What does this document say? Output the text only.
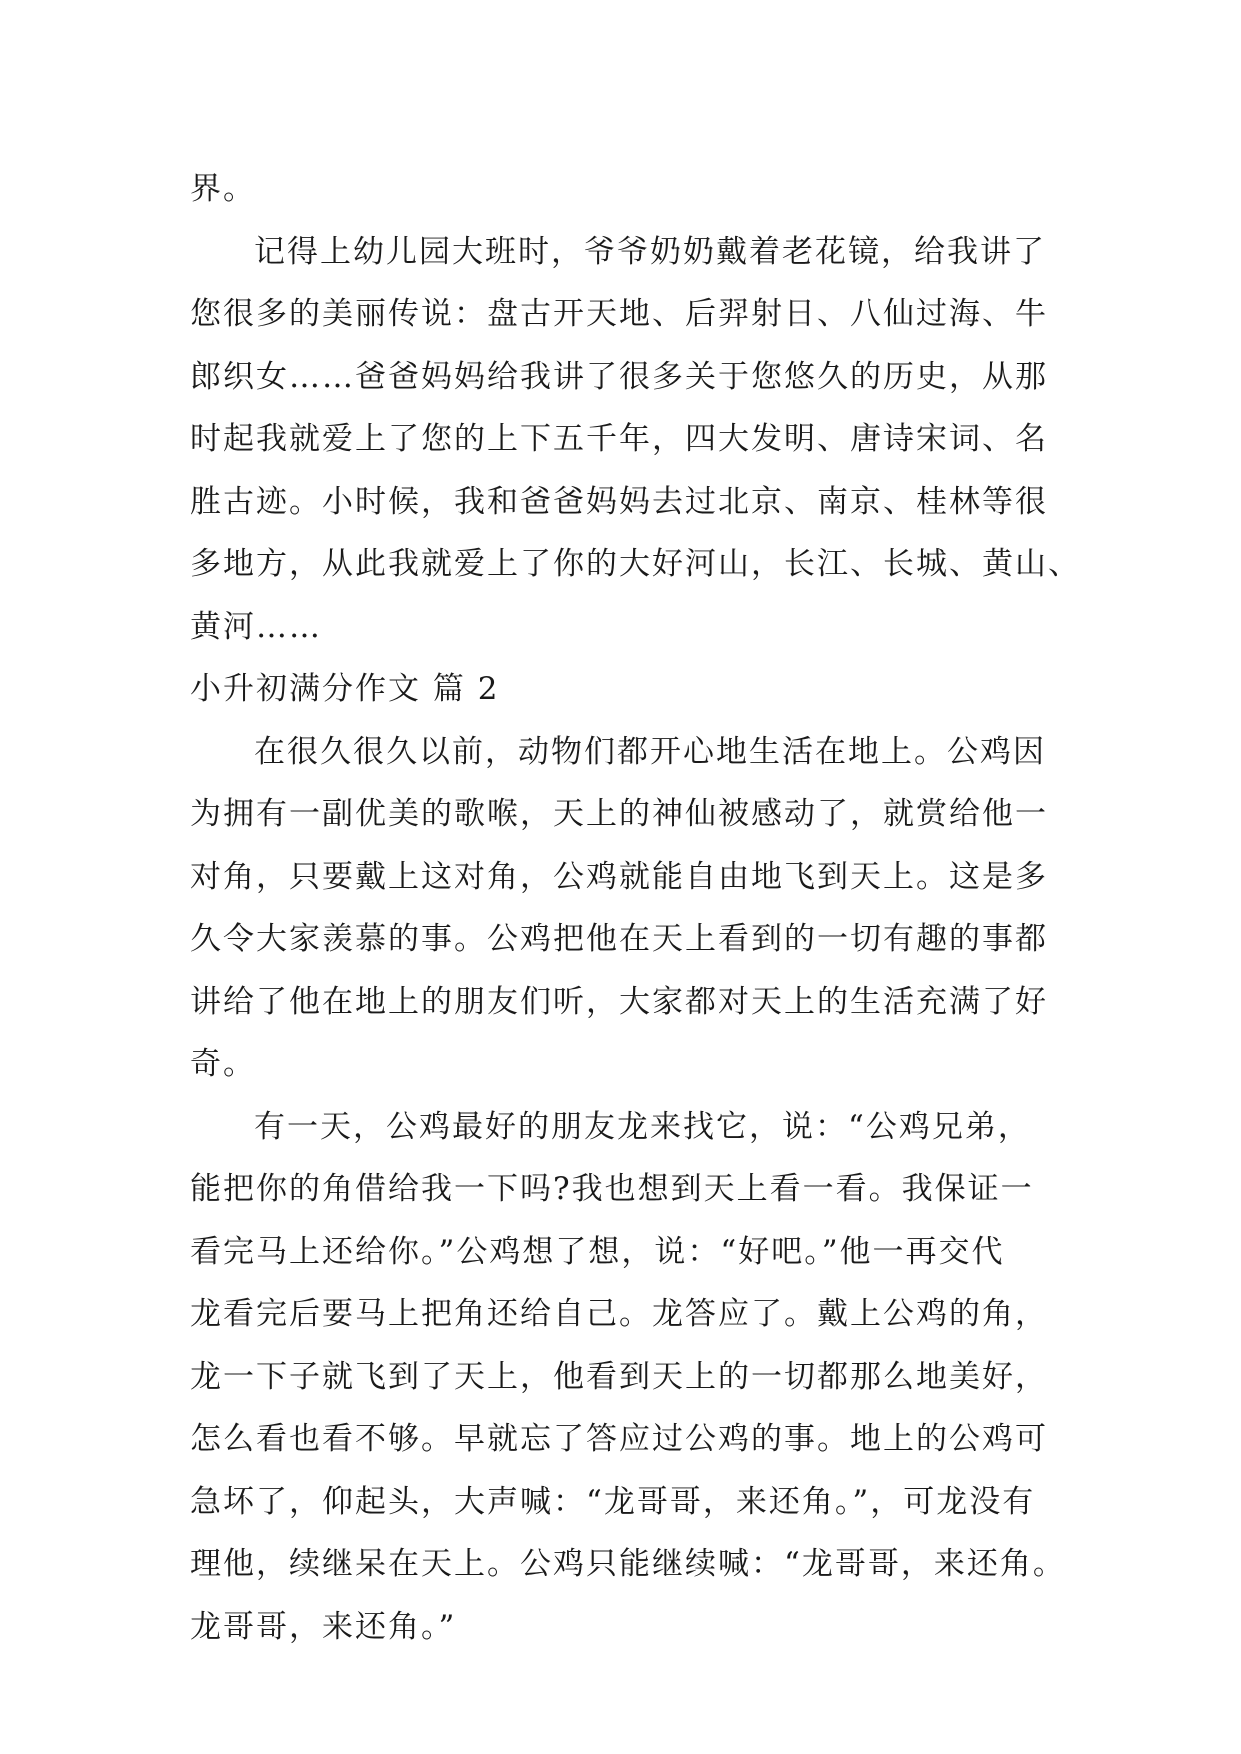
界。
记得上幼儿园大班时，爷爷奶奶戴着老花镜，给我讲了
您很多的美丽传说：盘古开天地、后羿射日、八仙过海、牛
郎织女……爸爸妈妈给我讲了很多关于您悠久的历史，从那
时起我就爱上了您的上下五千年，四大发明、唐诗宋词、名
胜古迹。小时候，我和爸爸妈妈去过北京、南京、桂林等很
多地方，从此我就爱上了你的大好河山，长江、长城、黄山、
黄河……
小升初满分作文 篇 2
在很久很久以前，动物们都开心地生活在地上。公鸡因
为拥有一副优美的歌喉，天上的神仙被感动了，就赏给他一
对角，只要戴上这对角，公鸡就能自由地飞到天上。这是多
久令大家羡慕的事。公鸡把他在天上看到的一切有趣的事都
讲给了他在地上的朋友们听，大家都对天上的生活充满了好
奇。
有一天，公鸡最好的朋友龙来找它，说：“公鸡兄弟，
能把你的角借给我一下吗?我也想到天上看一看。我保证一
看完马上还给你。”公鸡想了想，说：“好吧。”他一再交代
龙看完后要马上把角还给自己。龙答应了。戴上公鸡的角，
龙一下子就飞到了天上，他看到天上的一切都那么地美好，
怎么看也看不够。早就忘了答应过公鸡的事。地上的公鸡可
急坏了，仰起头，大声喊：“龙哥哥，来还角。”，可龙没有
理他，续继呆在天上。公鸡只能继续喊：“龙哥哥，来还角。
龙哥哥，来还角。”
